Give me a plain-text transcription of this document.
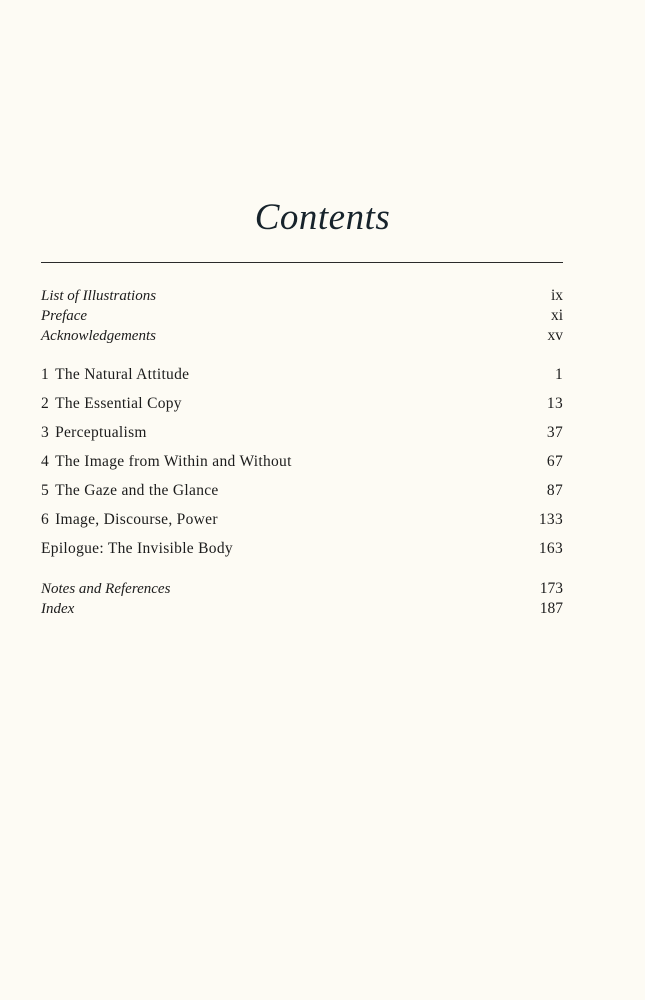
Contents
List of Illustrations	ix
Preface	xi
Acknowledgements	xv
1 The Natural Attitude	1
2 The Essential Copy	13
3 Perceptualism	37
4 The Image from Within and Without	67
5 The Gaze and the Glance	87
6 Image, Discourse, Power	133
Epilogue: The Invisible Body	163
Notes and References	173
Index	187
